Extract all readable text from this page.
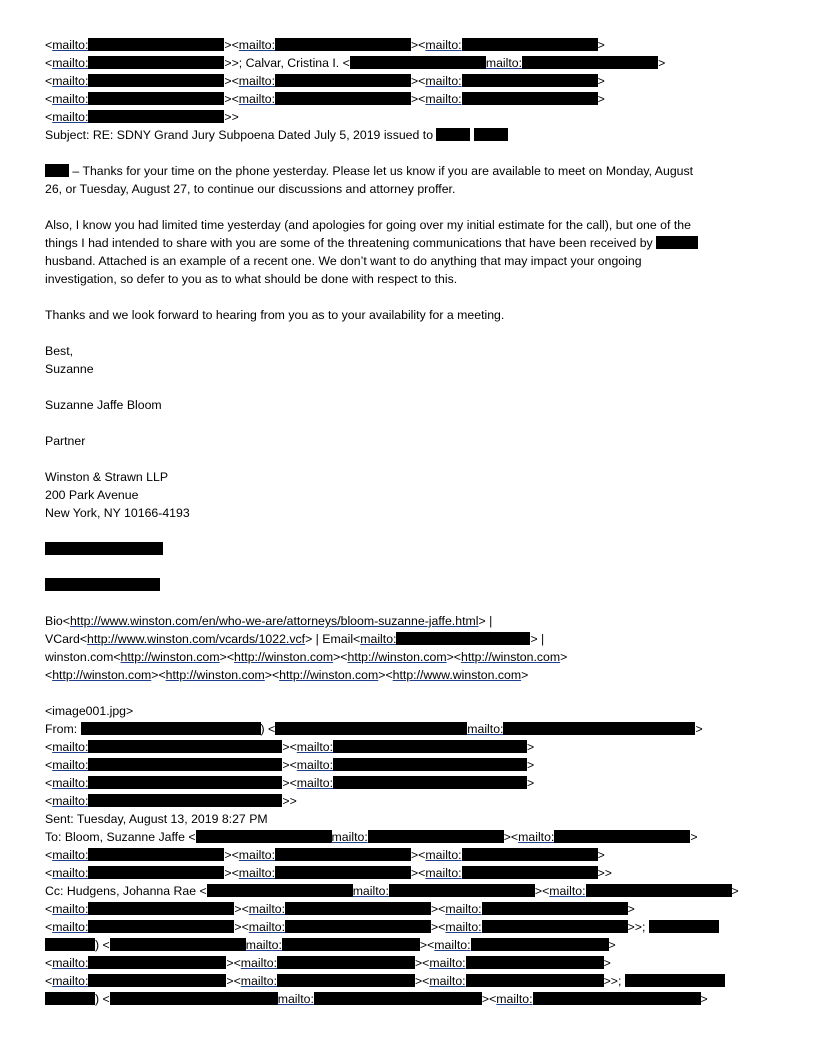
<mailto:	><mailto:	><mailto:	>
<mailto:	>>; Calvar, Cristina I. <	mailto:	>
<mailto:	><mailto:	><mailto:	>
<mailto:	><mailto:	><mailto:	>
<mailto:	>>
Subject: RE: SDNY Grand Jury Subpoena Dated July 5, 2019 issued to
– Thanks for your time on the phone yesterday. Please let us know if you are available to meet on Monday, August
26, or Tuesday, August 27, to continue our discussions and attorney proffer.
Also, I know you had limited time yesterday (and apologies for going over my initial estimate for the call), but one of the
things I had intended to share with you are some of the threatening communications that have been received by
husband. Attached is an example of a recent one. We don’t want to do anything that may impact your ongoing
investigation, so defer to you as to what should be done with respect to this.
Thanks and we look forward to hearing from you as to your availability for a meeting.
Best,
Suzanne
Suzanne Jaffe Bloom
Partner
Winston & Strawn LLP
200 Park Avenue
New York, NY 10166-4193
Bio<http://www.winston.com/en/who-we-are/attorneys/bloom-suzanne-jaffe.html> |
VCard<http://www.winston.com/vcards/1022.vcf> | Email<mailto:	> |
winston.com<http://winston.com><http://winston.com><http://winston.com><http://winston.com>
<http://winston.com><http://winston.com><http://winston.com><http://www.winston.com>
<image001.jpg>
From:	) <	mailto:	>
<mailto:	><mailto:	>
<mailto:	><mailto:	>
<mailto:	><mailto:	>
<mailto:	>>
Sent: Tuesday, August 13, 2019 8:27 PM
To: Bloom, Suzanne Jaffe <	mailto:	><mailto:	>
<mailto:	><mailto:	><mailto:	>
<mailto:	><mailto:	><mailto:	>>
Cc: Hudgens, Johanna Rae <	mailto:	><mailto:	>
<mailto:	><mailto:	><mailto:	>
<mailto:	><mailto:	><mailto:	>>;
) <	mailto:	><mailto:	>
<mailto:	><mailto:	><mailto:	>
<mailto:	><mailto:	><mailto:	>>;
) <	mailto:	><mailto:	>
